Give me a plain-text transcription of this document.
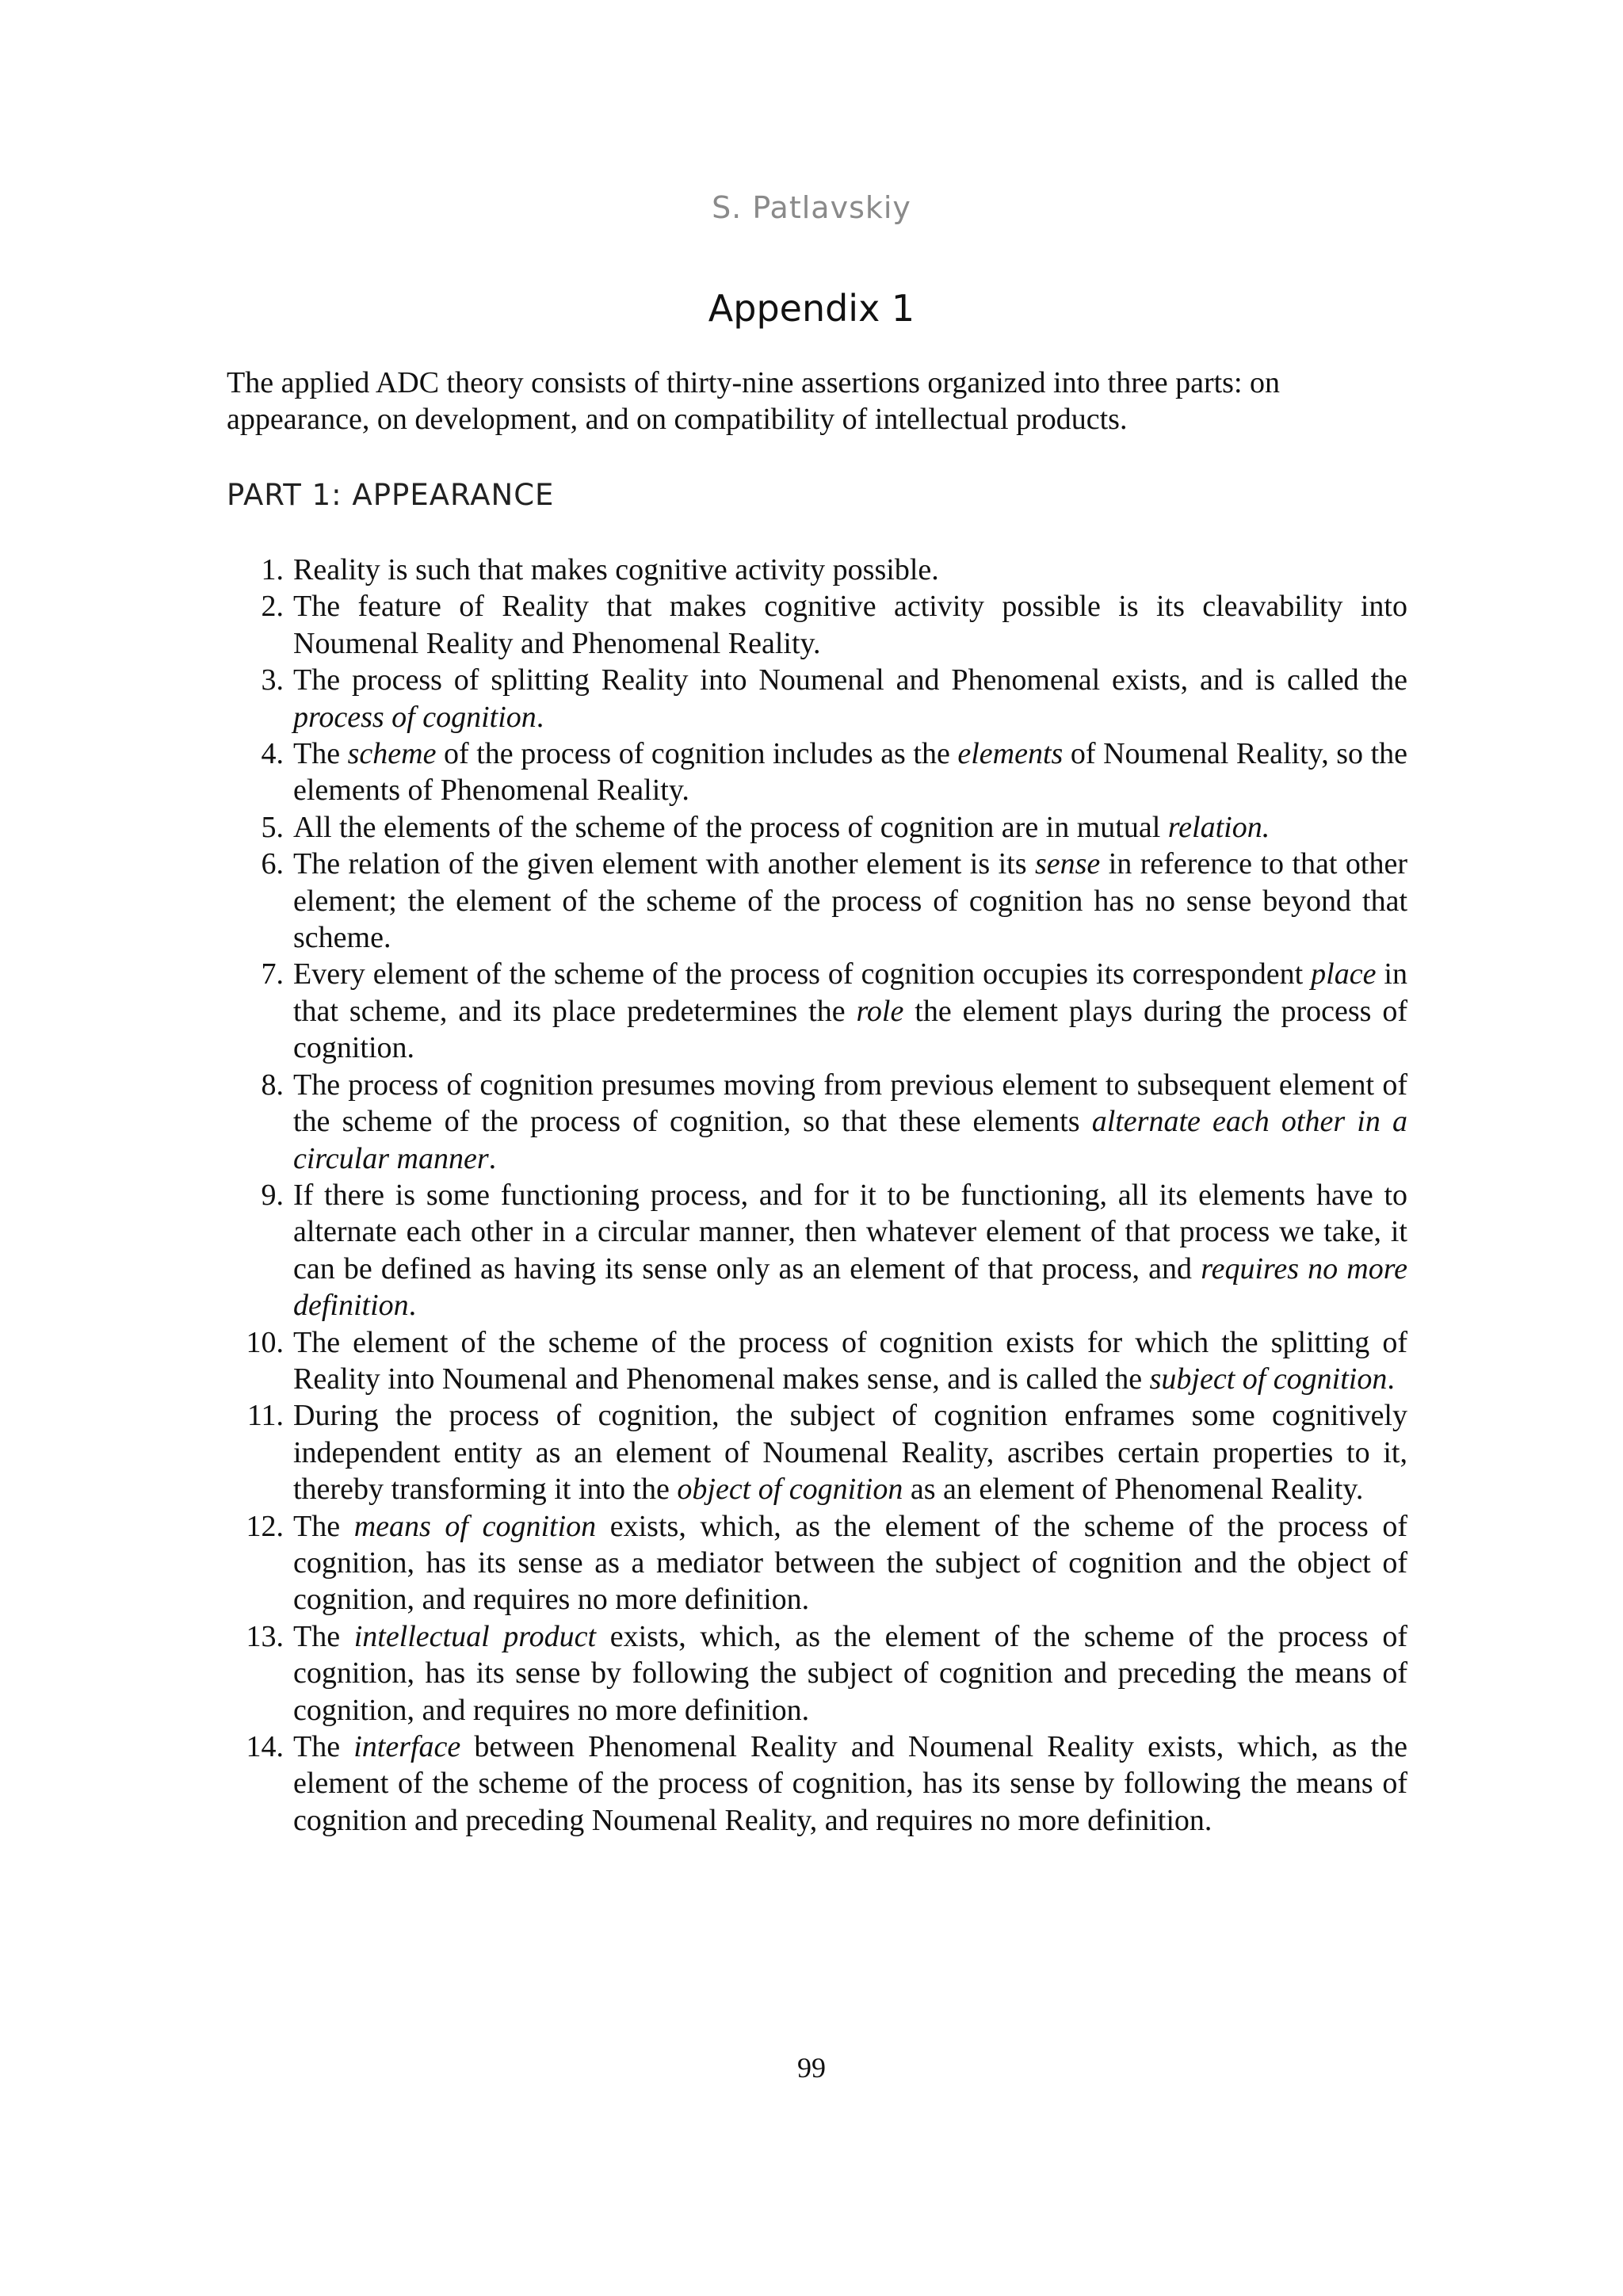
S. Patlavskiy
Appendix 1

The applied ADC theory consists of thirty-nine assertions organized into three parts: on appearance, on development, and on compatibility of intellectual products.

PART 1: APPEARANCE
1. Reality is such that makes cognitive activity possible.
2. The feature of Reality that makes cognitive activity possible is its cleavability into Noumenal Reality and Phenomenal Reality.
3. The process of splitting Reality into Noumenal and Phenomenal exists, and is called the process of cognition.
4. The scheme of the process of cognition includes as the elements of Noumenal Reality, so the elements of Phenomenal Reality.
5. All the elements of the scheme of the process of cognition are in mutual relation.
6. The relation of the given element with another element is its sense in reference to that other element; the element of the scheme of the process of cognition has no sense beyond that scheme.
7. Every element of the scheme of the process of cognition occupies its correspondent place in that scheme, and its place predetermines the role the element plays during the process of cognition.
8. The process of cognition presumes moving from previous element to subsequent element of the scheme of the process of cognition, so that these elements alternate each other in a circular manner.
9. If there is some functioning process, and for it to be functioning, all its elements have to alternate each other in a circular manner, then whatever element of that process we take, it can be defined as having its sense only as an element of that process, and requires no more definition.
10. The element of the scheme of the process of cognition exists for which the splitting of Reality into Noumenal and Phenomenal makes sense, and is called the subject of cognition.
11. During the process of cognition, the subject of cognition enframes some cognitively independent entity as an element of Noumenal Reality, ascribes certain properties to it, thereby transforming it into the object of cognition as an element of Phenomenal Reality.
12. The means of cognition exists, which, as the element of the scheme of the process of cognition, has its sense as a mediator between the subject of cognition and the object of cognition, and requires no more definition.
13. The intellectual product exists, which, as the element of the scheme of the process of cognition, has its sense by following the subject of cognition and preceding the means of cognition, and requires no more definition.
14. The interface between Phenomenal Reality and Noumenal Reality exists, which, as the element of the scheme of the process of cognition, has its sense by following the means of cognition and preceding Noumenal Reality, and requires no more definition.
99
